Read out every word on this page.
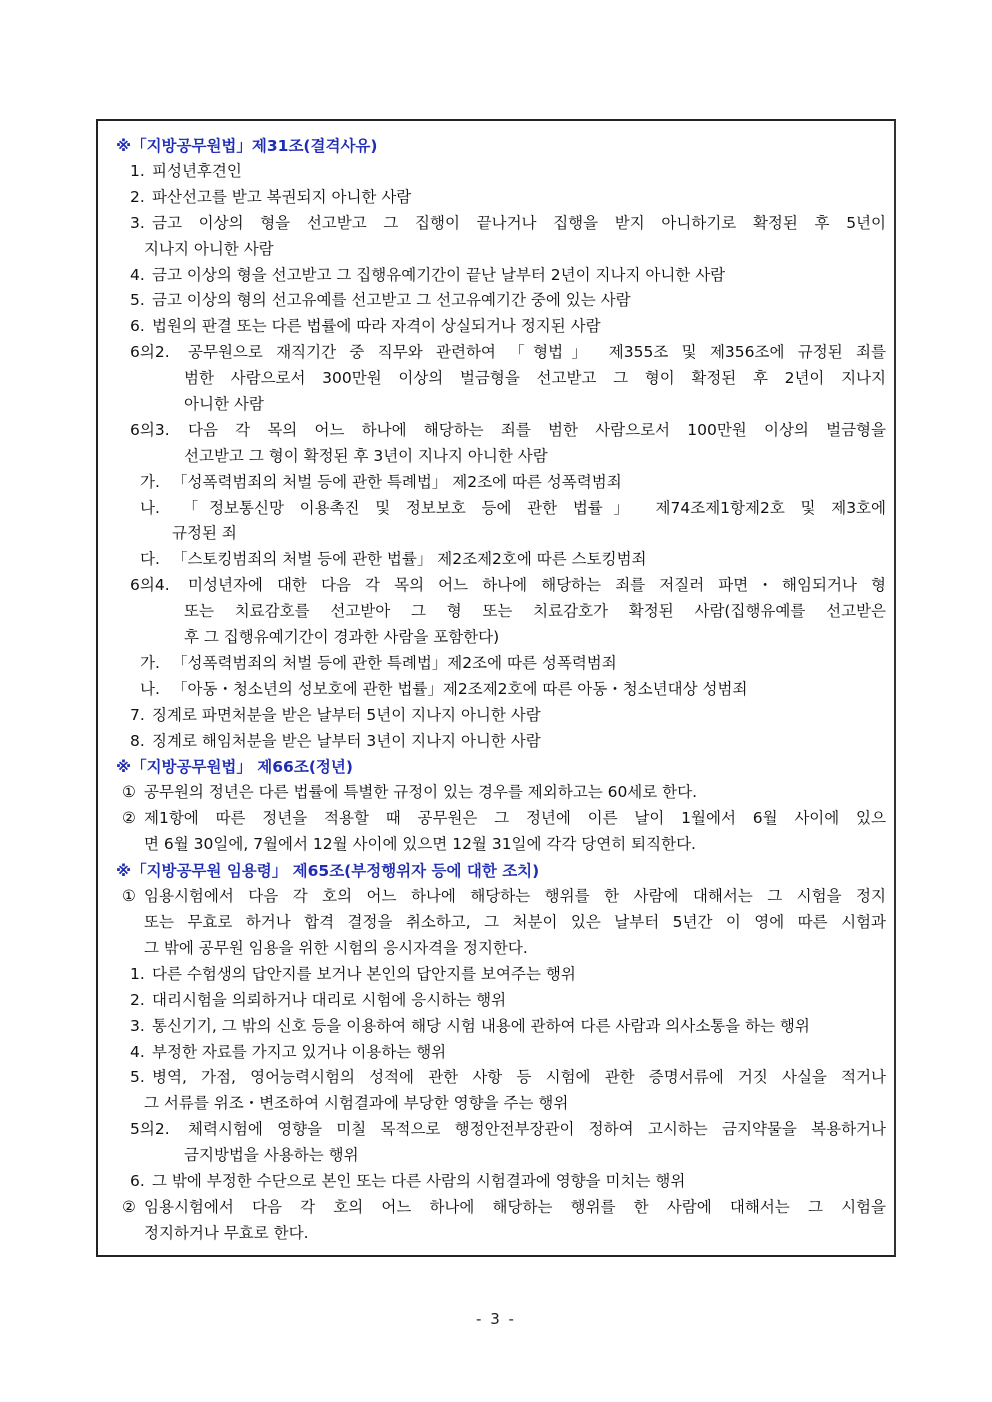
※「지방공무원법」제31조(결격사유)
1. 피성년후견인
2. 파산선고를 받고 복권되지 아니한 사람
3. 금고 이상의 형을 선고받고 그 집행이 끝나거나 집행을 받지 아니하기로 확정된 후 5년이
지나지 아니한 사람
4. 금고 이상의 형을 선고받고 그 집행유예기간이 끝난 날부터 2년이 지나지 아니한 사람
5. 금고 이상의 형의 선고유예를 선고받고 그 선고유예기간 중에 있는 사람
6. 법원의 판결 또는 다른 법률에 따라 자격이 상실되거나 정지된 사람
6의2. 공무원으로 재직기간 중 직무와 관련하여 「형법」 제355조 및 제356조에 규정된 죄를
범한 사람으로서 300만원 이상의 벌금형을 선고받고 그 형이 확정된 후 2년이 지나지
아니한 사람
6의3. 다음 각 목의 어느 하나에 해당하는 죄를 범한 사람으로서 100만원 이상의 벌금형을
선고받고 그 형이 확정된 후 3년이 지나지 아니한 사람
가. 「성폭력범죄의 처벌 등에 관한 특례법」 제2조에 따른 성폭력범죄
나. 「정보통신망 이용촉진 및 정보보호 등에 관한 법률」 제74조제1항제2호 및 제3호에
규정된 죄
다. 「스토킹범죄의 처벌 등에 관한 법률」 제2조제2호에 따른 스토킹범죄
6의4. 미성년자에 대한 다음 각 목의 어느 하나에 해당하는 죄를 저질러 파면・해임되거나 형
또는 치료감호를 선고받아 그 형 또는 치료감호가 확정된 사람(집행유예를 선고받은
후 그 집행유예기간이 경과한 사람을 포함한다)
가. 「성폭력범죄의 처벌 등에 관한 특례법」제2조에 따른 성폭력범죄
나. 「아동・청소년의 성보호에 관한 법률」제2조제2호에 따른 아동・청소년대상 성범죄
7. 징계로 파면처분을 받은 날부터 5년이 지나지 아니한 사람
8. 징계로 해임처분을 받은 날부터 3년이 지나지 아니한 사람
※「지방공무원법」 제66조(정년)
① 공무원의 정년은 다른 법률에 특별한 규정이 있는 경우를 제외하고는 60세로 한다.
② 제1항에 따른 정년을 적용할 때 공무원은 그 정년에 이른 날이 1월에서 6월 사이에 있으
면 6월 30일에, 7월에서 12월 사이에 있으면 12월 31일에 각각 당연히 퇴직한다.
※「지방공무원 임용령」 제65조(부정행위자 등에 대한 조치)
① 임용시험에서 다음 각 호의 어느 하나에 해당하는 행위를 한 사람에 대해서는 그 시험을 정지
또는 무효로 하거나 합격 결정을 취소하고, 그 처분이 있은 날부터 5년간 이 영에 따른 시험과
그 밖에 공무원 임용을 위한 시험의 응시자격을 정지한다.
1. 다른 수험생의 답안지를 보거나 본인의 답안지를 보여주는 행위
2. 대리시험을 의뢰하거나 대리로 시험에 응시하는 행위
3. 통신기기, 그 밖의 신호 등을 이용하여 해당 시험 내용에 관하여 다른 사람과 의사소통을 하는 행위
4. 부정한 자료를 가지고 있거나 이용하는 행위
5. 병역, 가점, 영어능력시험의 성적에 관한 사항 등 시험에 관한 증명서류에 거짓 사실을 적거나
그 서류를 위조・변조하여 시험결과에 부당한 영향을 주는 행위
5의2. 체력시험에 영향을 미칠 목적으로 행정안전부장관이 정하여 고시하는 금지약물을 복용하거나
금지방법을 사용하는 행위
6. 그 밖에 부정한 수단으로 본인 또는 다른 사람의 시험결과에 영향을 미치는 행위
② 임용시험에서 다음 각 호의 어느 하나에 해당하는 행위를 한 사람에 대해서는 그 시험을
정지하거나 무효로 한다.
- 3 -
